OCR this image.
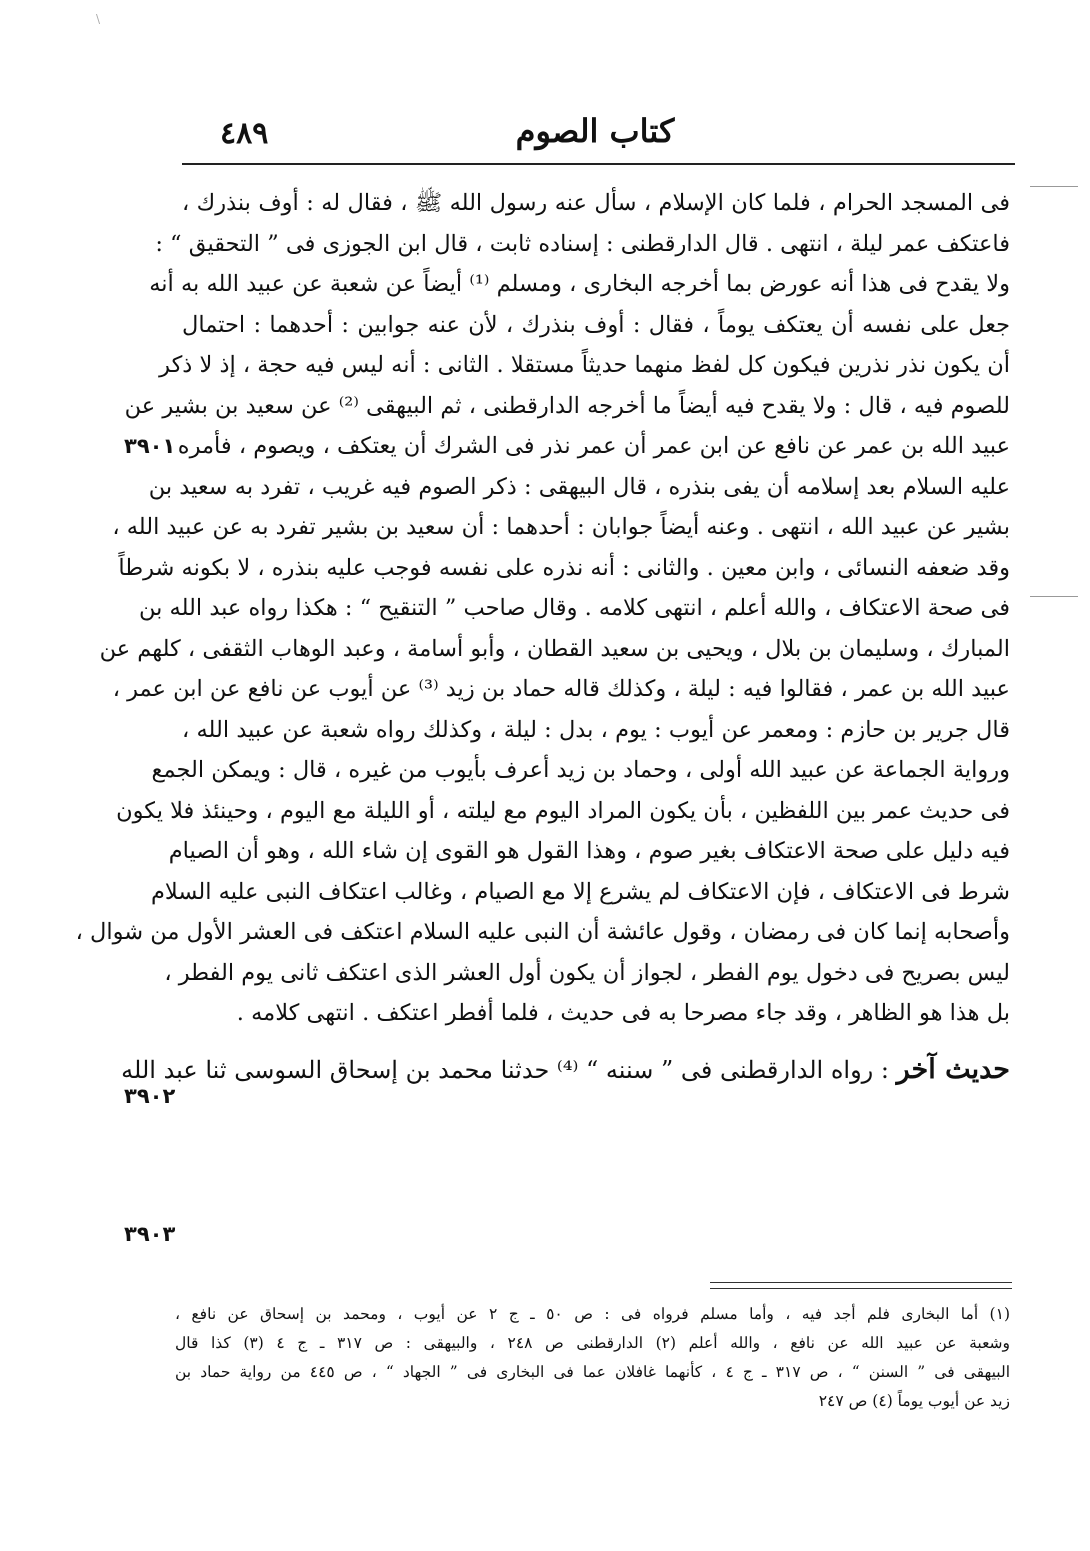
\
كتاب الصوم
٤٨٩
فى المسجد الحرام ، فلما كان الإسلام ، سأل عنه رسول الله ﷺ ، فقال له : أوف بنذرك ،
فاعتكف عمر ليلة ، انتهى . قال الدارقطنى : إسناده ثابت ، قال ابن الجوزى فى ” التحقيق “ :
ولا يقدح فى هذا أنه عورض بما أخرجه البخارى ، ومسلم ⁽¹⁾ أيضاً عن شعبة عن عبيد الله به أنه
جعل على نفسه أن يعتكف يوماً ، فقال : أوف بنذرك ، لأن عنه جوابين : أحدهما : احتمال
أن يكون نذر نذرين فيكون كل لفظ منهما حديثاً مستقلا . الثانى : أنه ليس فيه حجة ، إذ لا ذكر
للصوم فيه ، قال : ولا يقدح فيه أيضاً ما أخرجه الدارقطنى ، ثم البيهقى ⁽²⁾ عن سعيد بن بشير عن
عبيد الله بن عمر عن نافع عن ابن عمر أن عمر نذر فى الشرك أن يعتكف ، ويصوم ، فأمره
عليه السلام بعد إسلامه أن يفى بنذره ، قال البيهقى : ذكر الصوم فيه غريب ، تفرد به سعيد بن
بشير عن عبيد الله ، انتهى . وعنه أيضاً جوابان : أحدهما : أن سعيد بن بشير تفرد به عن عبيد الله ،
وقد ضعفه النسائى ، وابن معين . والثانى : أنه نذره على نفسه فوجب عليه بنذره ، لا بكونه شرطاً
فى صحة الاعتكاف ، والله أعلم ، انتهى كلامه . وقال صاحب ” التنقيح “ : هكذا رواه عبد الله بن
المبارك ، وسليمان بن بلال ، ويحيى بن سعيد القطان ، وأبو أسامة ، وعبد الوهاب الثقفى ، كلهم عن
عبيد الله بن عمر ، فقالوا فيه : ليلة ، وكذلك قاله حماد بن زيد ⁽³⁾ عن أيوب عن نافع عن ابن عمر ،
قال جرير بن حازم : ومعمر عن أيوب : يوم ، بدل : ليلة ، وكذلك رواه شعبة عن عبيد الله ،
ورواية الجماعة عن عبيد الله أولى ، وحماد بن زيد أعرف بأيوب من غيره ، قال : ويمكن الجمع
فى حديث عمر بين اللفظين ، بأن يكون المراد اليوم مع ليلته ، أو الليلة مع اليوم ، وحينئذ فلا يكون
فيه دليل على صحة الاعتكاف بغير صوم ، وهذا القول هو القوى إن شاء الله ، وهو أن الصيام
شرط فى الاعتكاف ، فإن الاعتكاف لم يشرع إلا مع الصيام ، وغالب اعتكاف النبى عليه السلام
وأصحابه إنما كان فى رمضان ، وقول عائشة أن النبى عليه السلام اعتكف فى العشر الأول من شوال ،
ليس بصريح فى دخول يوم الفطر ، لجواز أن يكون أول العشر الذى اعتكف ثانى يوم الفطر ،
بل هذا هو الظاهر ، وقد جاء مصرحا به فى حديث ، فلما أفطر اعتكف . انتهى كلامه .
حديث آخر : رواه الدارقطنى فى ” سننه “ ⁽⁴⁾ حدثنا محمد بن إسحاق السوسى ثنا عبد الله
٣٩٠١
٣٩٠٢
٣٩٠٣
(١) أما البخارى فلم أجد فيه ، وأما مسلم فرواه فى : ص ٥٠ ـ ج ٢ عن أيوب ، ومحمد بن إسحاق عن نافع ،
وشعبة عن عبيد الله عن نافع ، والله أعلم (٢) الدارقطنى ص ٢٤٨ ، والبيهقى : ص ٣١٧ ـ ج ٤ (٣) كذا قال
البيهقى فى ” السنن “ ، ص ٣١٧ ـ ج ٤ ، كأنهما غافلان عما فى البخارى فى ” الجهاد “ ، ص ٤٤٥ من رواية حماد بن
زيد عن أيوب يوماً (٤) ص ٢٤٧
